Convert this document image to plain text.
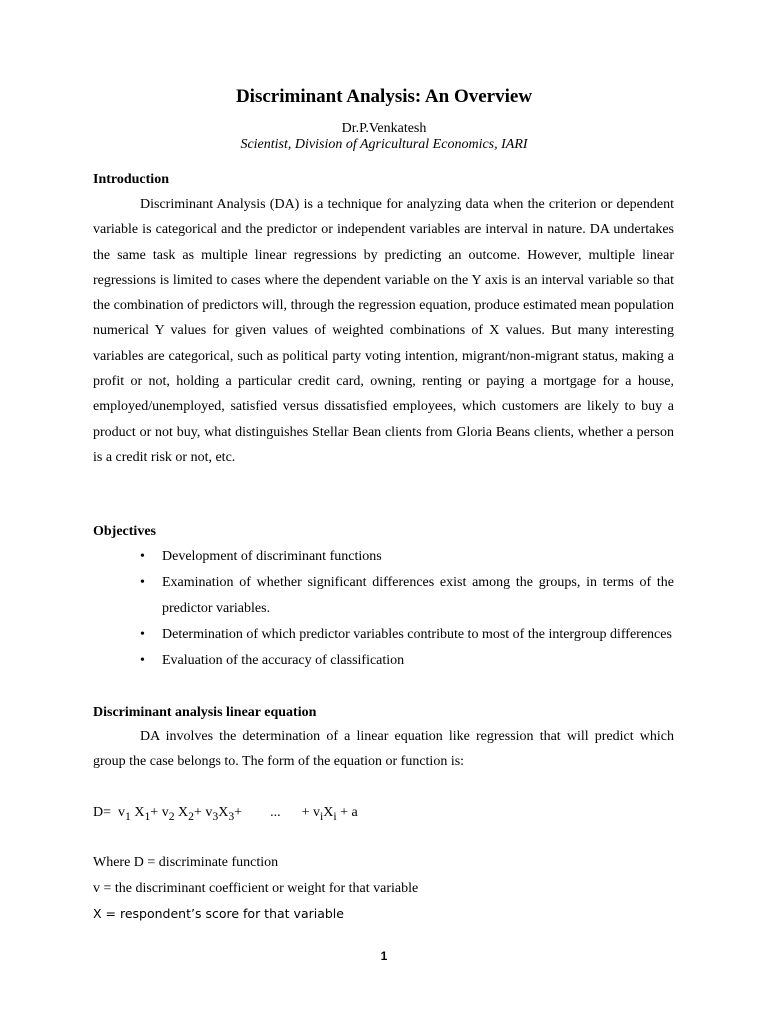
Discriminant Analysis: An Overview
Dr.P.Venkatesh
Scientist, Division of Agricultural Economics, IARI
Introduction

Discriminant Analysis (DA) is a technique for analyzing data when the criterion or dependent variable is categorical and the predictor or independent variables are interval in nature. DA undertakes the same task as multiple linear regressions by predicting an outcome. However, multiple linear regressions is limited to cases where the dependent variable on the Y axis is an interval variable so that the combination of predictors will, through the regression equation, produce estimated mean population numerical Y values for given values of weighted combinations of X values. But many interesting variables are categorical, such as political party voting intention, migrant/non-migrant status, making a profit or not, holding a particular credit card, owning, renting or paying a mortgage for a house, employed/unemployed, satisfied versus dissatisfied employees, which customers are likely to buy a product or not buy, what distinguishes Stellar Bean clients from Gloria Beans clients, whether a person is a credit risk or not, etc.

Objectives
• Development of discriminant functions
• Examination of whether significant differences exist among the groups, in terms of the predictor variables.
• Determination of which predictor variables contribute to most of the intergroup differences
• Evaluation of the accuracy of classification
Discriminant analysis linear equation

DA involves the determination of a linear equation like regression that will predict which group the case belongs to. The form of the equation or function is:

$D= v_1$ $X_1+ v_2$ $X_2+ v_3X_3+$ ... + $v_iX_i + a$
Where D = discriminate function
v = the discriminant coefficient or weight for that variable
X = respondent’s score for that variable
1
